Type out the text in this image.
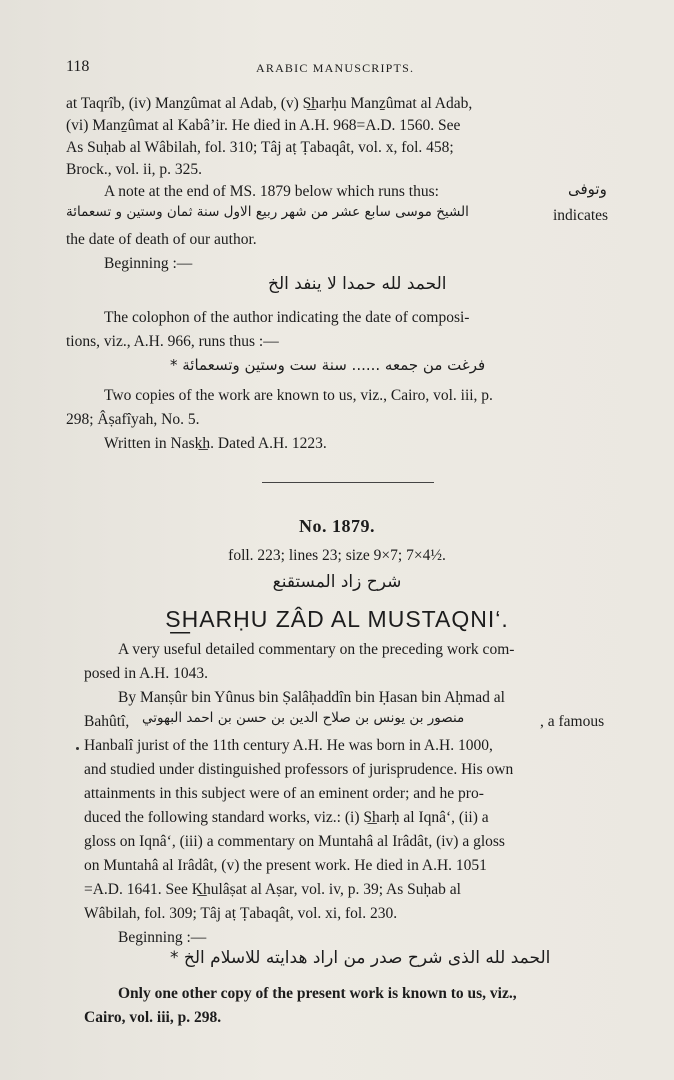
118	ARABIC MANUSCRIPTS.
at Taqrîb, (iv) Manẕûmat al Adab, (v) S͟harḥu Manẕûmat al Adab,
(vi) Manẕûmat al Kabâ’ir. He died in A.H. 968=A.D. 1560. See
As Suḥab al Wâbilah, fol. 310; Tâj aṭ Ṭabaqât, vol. x, fol. 458;
Brock., vol. ii, p. 325.
A note at the end of MS. 1879 below which runs thus:	وتوفى
الشيخ موسى سابع عشر من شهر ربيع الاول سنة ثمان وستين و تسعمائة	indicates
the date of death of our author.
Beginning :—
الحمد لله حمدا لا ينفد الخ
The colophon of the author indicating the date of composi-
tions, viz., A.H. 966, runs thus :—
فرغت من جمعه ...... سنة ست وستين وتسعمائة *
Two copies of the work are known to us, viz., Cairo, vol. iii, p.
298; Âṣafîyah, No. 5.
Written in Nask͟h. Dated A.H. 1223.
No. 1879.
foll. 223; lines 23; size 9×7; 7×4½.
شرح زاد المستقنع
S͟HARḤU ZÂD AL MUSTAQNI‘.
A very useful detailed commentary on the preceding work com-
posed in A.H. 1043.
By Manṣûr bin Yûnus bin Ṣalâḥaddîn bin Ḥasan bin Aḥmad al
Bahûtî, منصور بن يونس بن صلاح الدين بن حسن بن احمد البهوتي	, a famous
Hanbalî jurist of the 11th century A.H. He was born in A.H. 1000,
and studied under distinguished professors of jurisprudence. His own
attainments in this subject were of an eminent order; and he pro-
duced the following standard works, viz.: (i) S͟harḥ al Iqnâ‘, (ii) a
gloss on Iqnâ‘, (iii) a commentary on Muntahâ al Irâdât, (iv) a gloss
on Muntahâ al Irâdât, (v) the present work. He died in A.H. 1051
=A.D. 1641. See K͟hulâṣat al Aṣar, vol. iv, p. 39; As Suḥab al
Wâbilah, fol. 309; Tâj aṭ Ṭabaqât, vol. xi, fol. 230.
Beginning :—
الحمد لله الذى شرح صدر من اراد هدايته للاسلام الخ *
Only one other copy of the present work is known to us, viz.,
Cairo, vol. iii, p. 298.
